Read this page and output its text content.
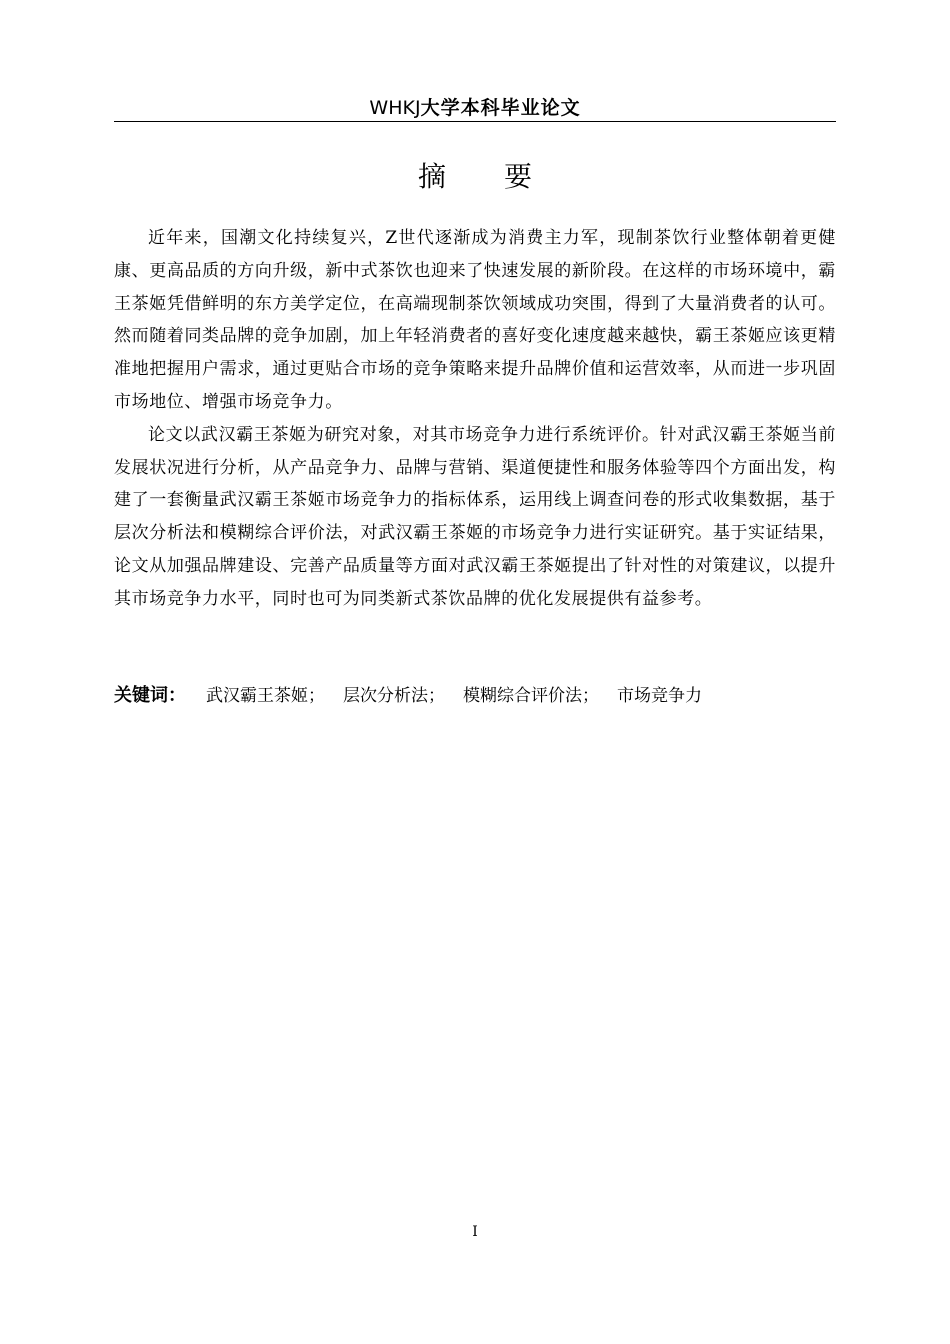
WHKJ大学本科毕业论文
摘 要

近年来，国潮文化持续复兴，Z世代逐渐成为消费主力军，现制茶饮行业整体朝着更健康、更高品质的方向升级，新中式茶饮也迎来了快速发展的新阶段。在这样的市场环境中，霸王茶姬凭借鲜明的东方美学定位，在高端现制茶饮领域成功突围，得到了大量消费者的认可。然而随着同类品牌的竞争加剧，加上年轻消费者的喜好变化速度越来越快，霸王茶姬应该更精准地把握用户需求，通过更贴合市场的竞争策略来提升品牌价值和运营效率，从而进一步巩固市场地位、增强市场竞争力。

论文以武汉霸王茶姬为研究对象，对其市场竞争力进行系统评价。针对武汉霸王茶姬当前发展状况进行分析，从产品竞争力、品牌与营销、渠道便捷性和服务体验等四个方面出发，构建了一套衡量武汉霸王茶姬市场竞争力的指标体系，运用线上调查问卷的形式收集数据，基于层次分析法和模糊综合评价法，对武汉霸王茶姬的市场竞争力进行实证研究。基于实证结果，论文从加强品牌建设、完善产品质量等方面对武汉霸王茶姬提出了针对性的对策建议，以提升其市场竞争力水平，同时也可为同类新式茶饮品牌的优化发展提供有益参考。

关键词： 武汉霸王茶姬； 层次分析法； 模糊综合评价法； 市场竞争力
I
